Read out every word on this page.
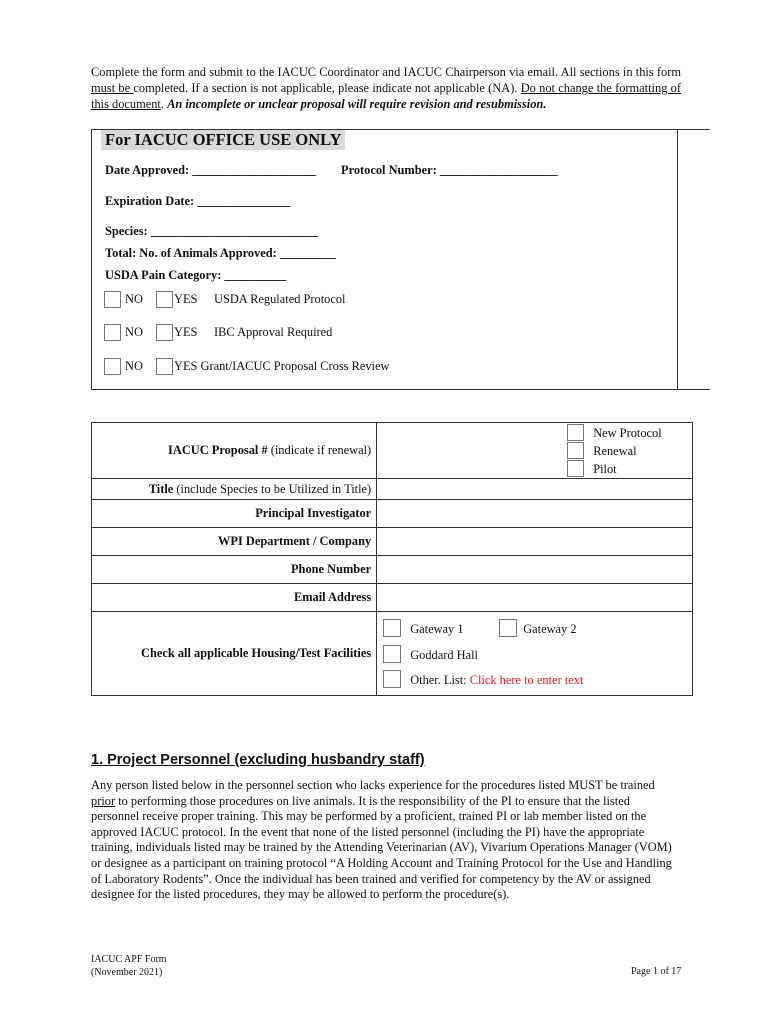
Complete the form and submit to the IACUC Coordinator and IACUC Chairperson via email. All sections in this form must be completed. If a section is not applicable, please indicate not applicable (NA). Do not change the formatting of this document. An incomplete or unclear proposal will require revision and resubmission.
For IACUC OFFICE USE ONLY
Date Approved: ____________________ Protocol Number: ___________________
Expiration Date: _______________
Species: ___________________________
Total: No. of Animals Approved: _________
USDA Pain Category: __________
NO	YES USDA Regulated Protocol
NO	YES IBC Approval Required
NO	YES Grant/IACUC Proposal Cross Review
IACUC Proposal # (indicate if renewal)	New Protocol
Renewal
Pilot

Title (include Species to be Utilized in Title)	
Principal Investigator	
WPI Department / Company	
Phone Number	
Email Address	
Check all applicable Housing/Test Facilities	Gateway 1 Gateway 2
Goddard Hall
Other. List: Click here to enter text
1. Project Personnel (excluding husbandry staff)
Any person listed below in the personnel section who lacks experience for the procedures listed MUST be trained prior to performing those procedures on live animals. It is the responsibility of the PI to ensure that the listed personnel receive proper training. This may be performed by a proficient, trained PI or lab member listed on the approved IACUC protocol. In the event that none of the listed personnel (including the PI) have the appropriate training, individuals listed may be trained by the Attending Veterinarian (AV), Vivarium Operations Manager (VOM) or designee as a participant on training protocol “A Holding Account and Training Protocol for the Use and Handling of Laboratory Rodents”. Once the individual has been trained and verified for competency by the AV or assigned designee for the listed procedures, they may be allowed to perform the procedure(s).
IACUC APF Form
(November 2021)	Page 1 of 17
